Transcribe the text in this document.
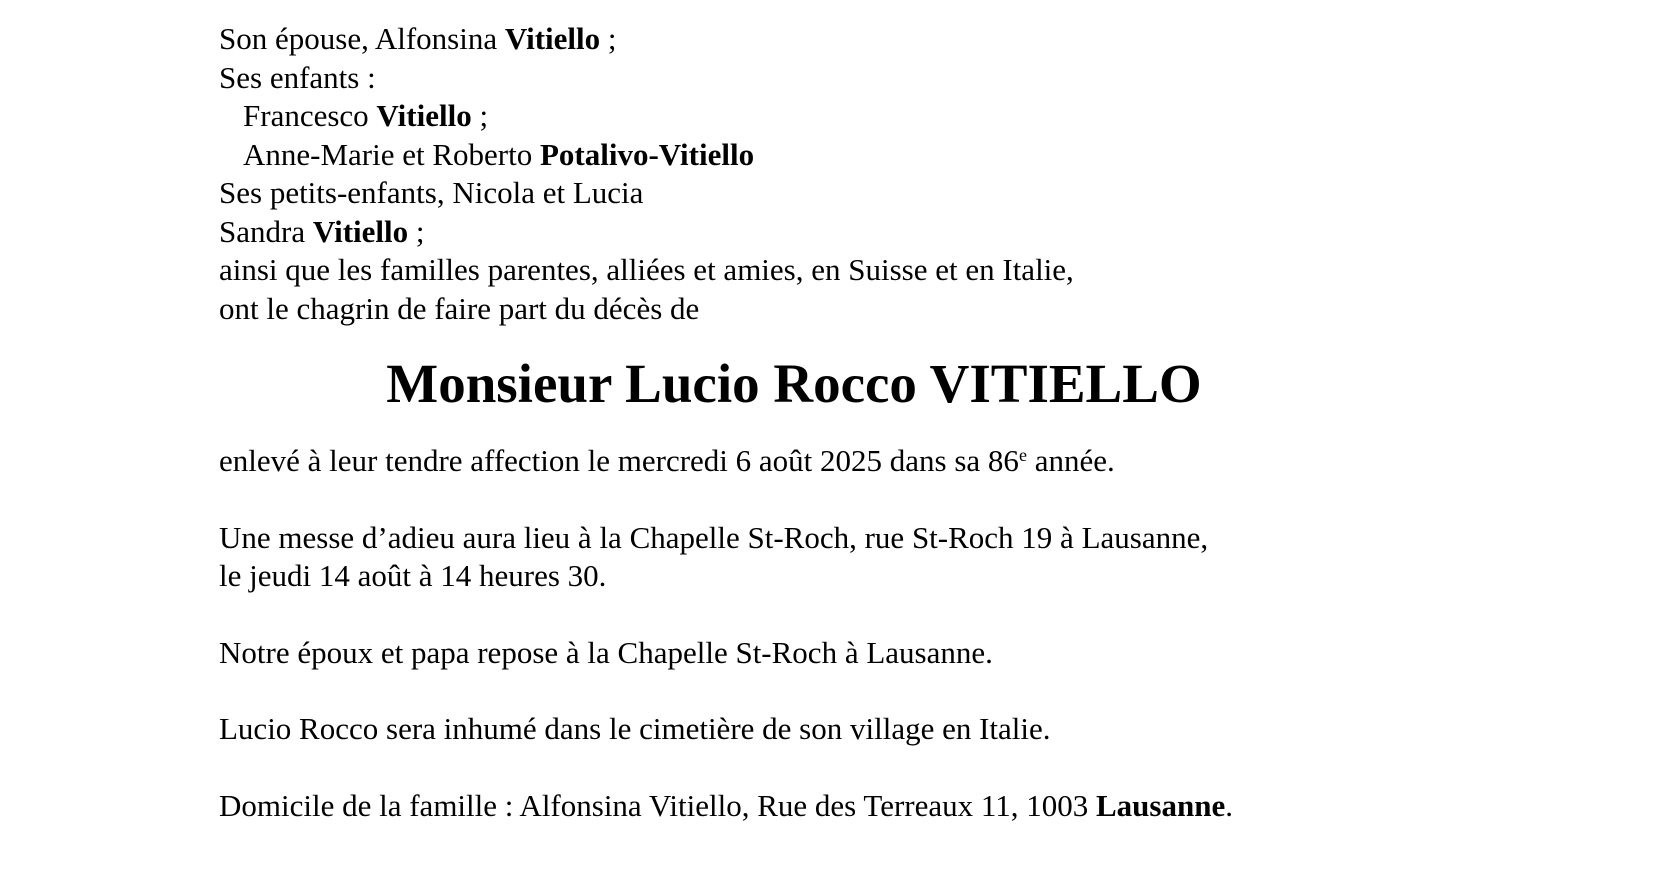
Son épouse, Alfonsina Vitiello ;

Ses enfants :

Francesco Vitiello ;

Anne-Marie et Roberto Potalivo-Vitiello

Ses petits-enfants, Nicola et Lucia

Sandra Vitiello ;

ainsi que les familles parentes, alliées et amies, en Suisse et en Italie,

ont le chagrin de faire part du décès de

Monsieur Lucio Rocco VITIELLO

enlevé à leur tendre affection le mercredi 6 août 2025 dans sa 86e année.

Une messe d’adieu aura lieu à la Chapelle St-Roch, rue St-Roch 19 à Lausanne,

le jeudi 14 août à 14 heures 30.

Notre époux et papa repose à la Chapelle St-Roch à Lausanne.

Lucio Rocco sera inhumé dans le cimetière de son village en Italie.

Domicile de la famille : Alfonsina Vitiello, Rue des Terreaux 11, 1003 Lausanne.
